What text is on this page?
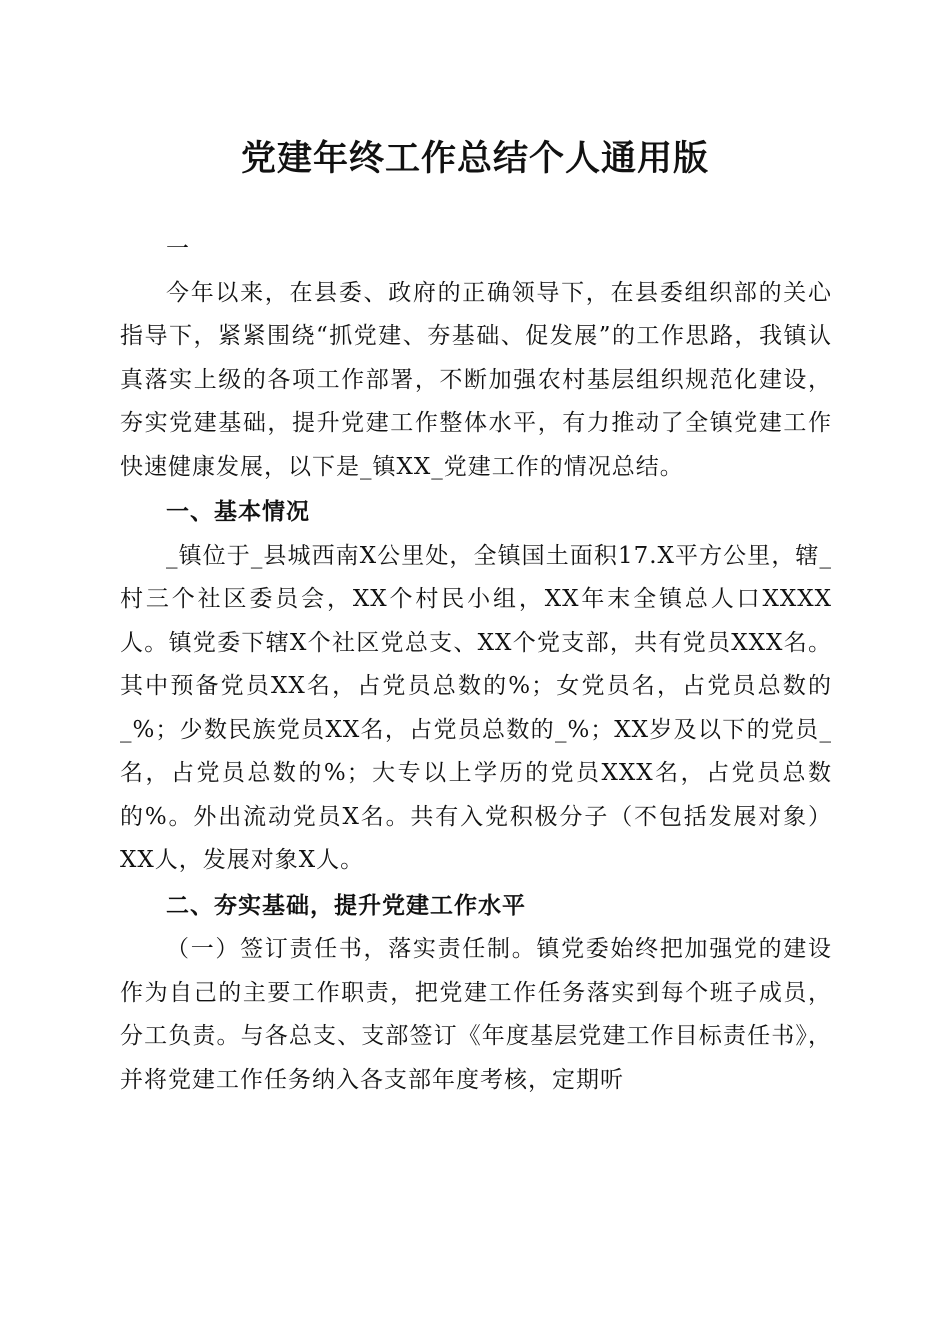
党建年终工作总结个人通用版

一

今年以来，在县委、政府的正确领导下，在县委组织部的关心指导下，紧紧围绕“抓党建、夯基础、促发展”的工作思路，我镇认真落实上级的各项工作部署，不断加强农村基层组织规范化建设，夯实党建基础，提升党建工作整体水平，有力推动了全镇党建工作快速健康发展，以下是_镇XX_党建工作的情况总结。

一、基本情况

_镇位于_县城西南X公里处，全镇国土面积17.X平方公里，辖_村三个社区委员会，XX个村民小组，XX年末全镇总人口XXXX人。镇党委下辖X个社区党总支、XX个党支部，共有党员XXX名。其中预备党员XX名，占党员总数的%；女党员名，占党员总数的_%；少数民族党员XX名，占党员总数的_%；XX岁及以下的党员_名，占党员总数的%；大专以上学历的党员XXX名，占党员总数的%。外出流动党员X名。共有入党积极分子（不包括发展对象）XX人，发展对象X人。

二、夯实基础，提升党建工作水平

（一）签订责任书，落实责任制。镇党委始终把加强党的建设作为自己的主要工作职责，把党建工作任务落实到每个班子成员，分工负责。与各总支、支部签订《年度基层党建工作目标责任书》，并将党建工作任务纳入各支部年度考核，定期听
